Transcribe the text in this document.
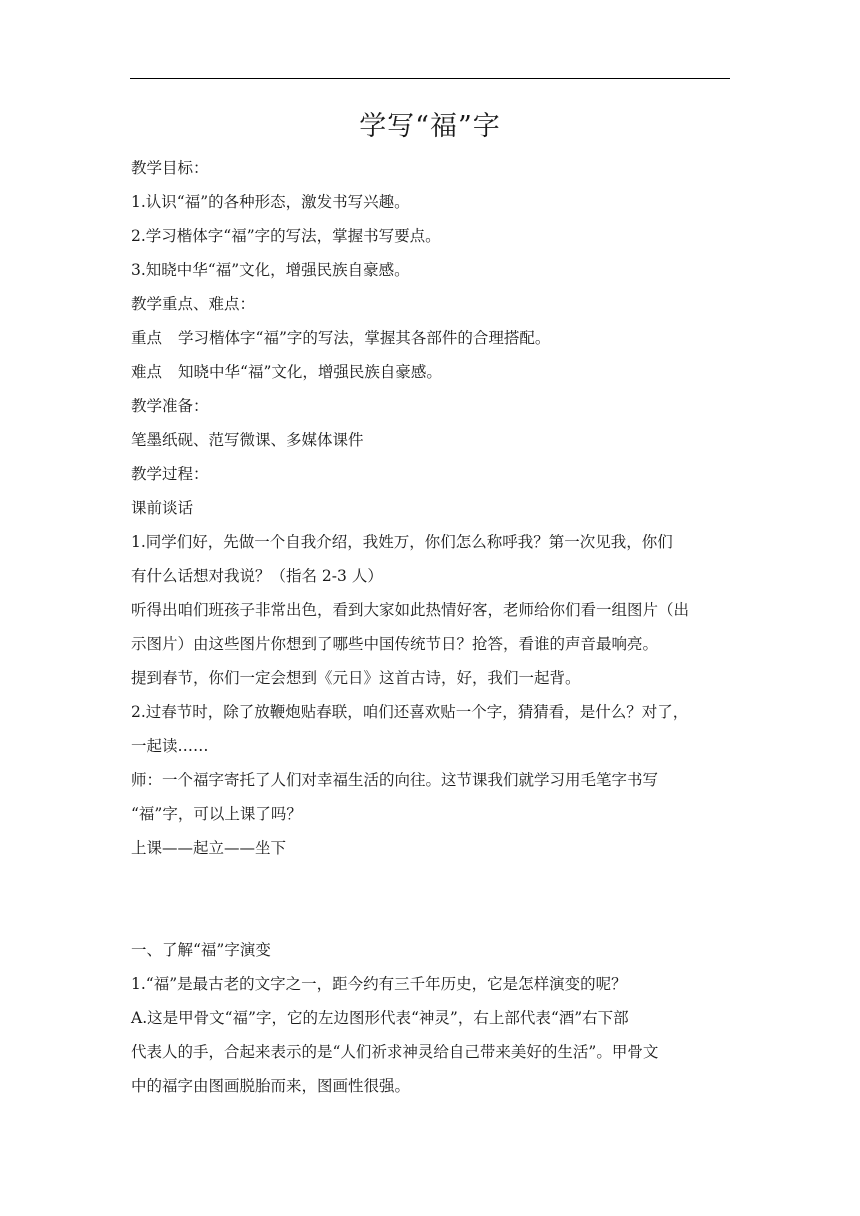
学写“福”字
教学目标：
1.认识“福”的各种形态，激发书写兴趣。
2.学习楷体字“福”字的写法，掌握书写要点。
3.知晓中华“福”文化，增强民族自豪感。
教学重点、难点：
重点 学习楷体字“福”字的写法，掌握其各部件的合理搭配。
难点 知晓中华“福”文化，增强民族自豪感。
教学准备：
笔墨纸砚、范写微课、多媒体课件
教学过程：
课前谈话
1.同学们好，先做一个自我介绍，我姓万，你们怎么称呼我？第一次见我，你们
有什么话想对我说？（指名 2-3 人）
听得出咱们班孩子非常出色，看到大家如此热情好客，老师给你们看一组图片（出
示图片）由这些图片你想到了哪些中国传统节日？抢答，看谁的声音最响亮。
提到春节，你们一定会想到《元日》这首古诗，好，我们一起背。
2.过春节时，除了放鞭炮贴春联，咱们还喜欢贴一个字，猜猜看，是什么？对了，
一起读……
师：一个福字寄托了人们对幸福生活的向往。这节课我们就学习用毛笔字书写
“福”字，可以上课了吗？
上课——起立——坐下
一、了解“福”字演变
1.“福”是最古老的文字之一，距今约有三千年历史，它是怎样演变的呢？
A.这是甲骨文“福”字，它的左边图形代表“神灵”，右上部代表“酒”右下部
代表人的手，合起来表示的是“人们祈求神灵给自己带来美好的生活”。甲骨文
中的福字由图画脱胎而来，图画性很强。
